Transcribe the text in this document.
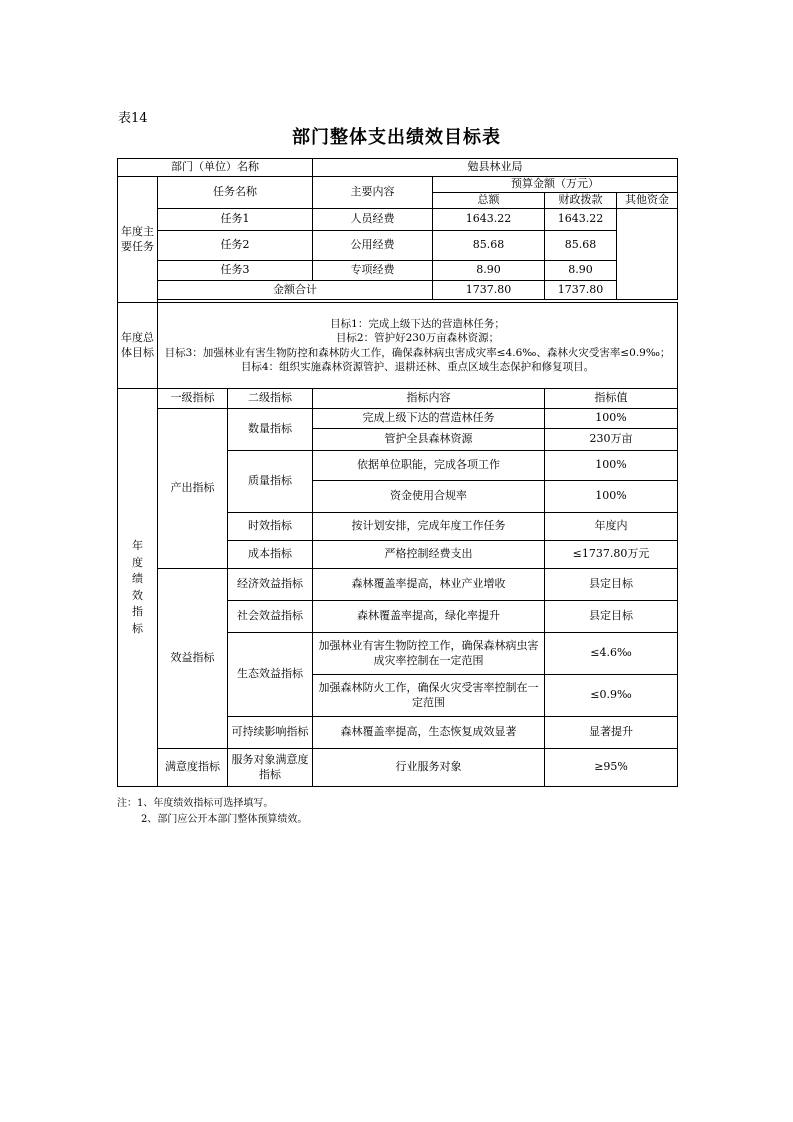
表14
部门整体支出绩效目标表
部门（单位）名称			勉县林业局			
年度主要任务	任务名称		主要内容	预算金额（万元）		
				总额	财政拨款	其他资金
	任务1		人员经费	1643.22	1643.22	
	任务2		公用经费	85.68	85.68	
	任务3		专项经费	8.90	8.90	
	金额合计			1737.80	1737.80	

年度总体目标	目标1：完成上级下达的营造林任务；
目标2：管护好230万亩森林资源；
目标3：加强林业有害生物防控和森林防火工作，确保森林病虫害成灾率≤4.6‰、森林火灾受害率≤0.9‰；
目标4：组织实施森林资源管护、退耕还林、重点区域生态保护和修复项目。					

年度绩效指标	一级指标	二级指标	指标内容		指标值	
	产出指标	数量指标	完成上级下达的营造林任务		100%	
			管护全县森林资源		230万亩	
		质量指标	依据单位职能，完成各项工作		100%	
			资金使用合规率		100%	
		时效指标	按计划安排，完成年度工作任务		年度内	
		成本指标	严格控制经费支出		≤1737.80万元	
	效益指标	经济效益指标	森林覆盖率提高，林业产业增收		县定目标	
		社会效益指标	森林覆盖率提高，绿化率提升		县定目标	
		生态效益指标	加强林业有害生物防控工作，确保森林病虫害成灾率控制在一定范围		≤4.6‰	
			加强森林防火工作，确保火灾受害率控制在一定范围		≤0.9‰	
		可持续影响指标	森林覆盖率提高，生态恢复成效显著		显著提升	
	满意度指标	服务对象满意度指标	行业服务对象		≥95%	
注：1、年度绩效指标可选择填写。
2、部门应公开本部门整体预算绩效。
